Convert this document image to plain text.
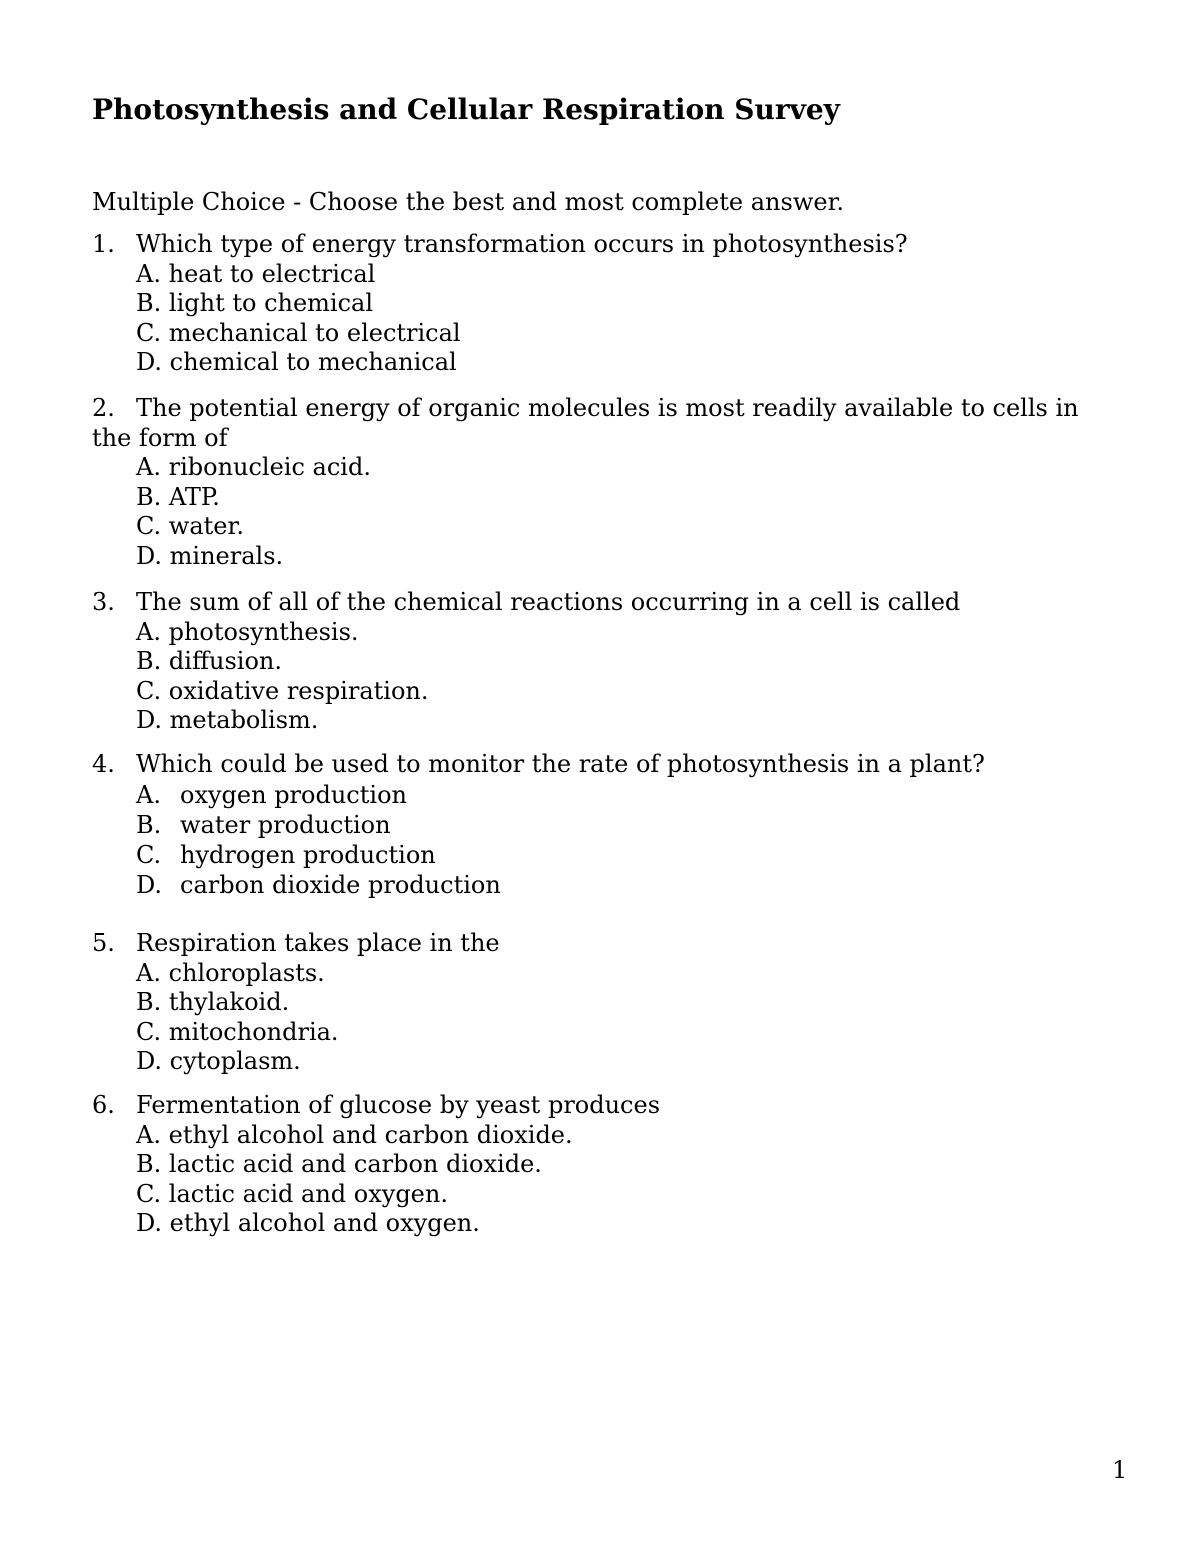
Photosynthesis and Cellular Respiration Survey

Multiple Choice - Choose the best and most complete answer.

1. Which type of energy transformation occurs in photosynthesis?

A. heat to electrical
B. light to chemical
C. mechanical to electrical
D. chemical to mechanical

2. The potential energy of organic molecules is most readily available to cells in the form of

A. ribonucleic acid.
B. ATP.
C. water.
D. minerals.

3. The sum of all of the chemical reactions occurring in a cell is called

A. photosynthesis.
B. diffusion.
C. oxidative respiration.
D. metabolism.

4. Which could be used to monitor the rate of photosynthesis in a plant?

A. oxygen production
B. water production
C. hydrogen production
D. carbon dioxide production

5. Respiration takes place in the

A. chloroplasts.
B. thylakoid.
C. mitochondria.
D. cytoplasm.

6. Fermentation of glucose by yeast produces

A. ethyl alcohol and carbon dioxide.
B. lactic acid and carbon dioxide.
C. lactic acid and oxygen.
D. ethyl alcohol and oxygen.
1
